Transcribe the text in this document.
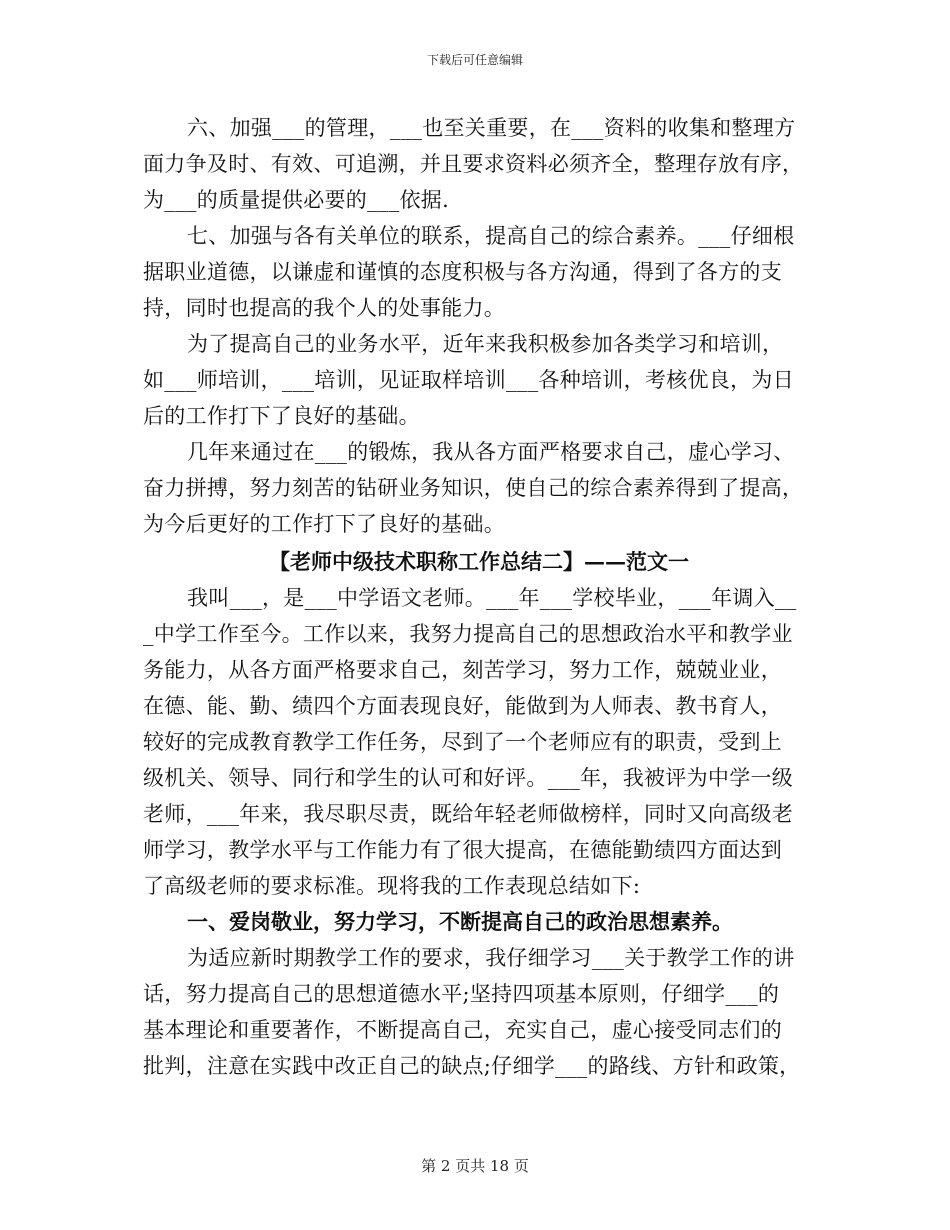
下载后可任意编辑

六、加强___的管理，___也至关重要，在___资料的收集和整理方

面力争及时、有效、可追溯，并且要求资料必须齐全，整理存放有序，

为___的质量提供必要的___依据.

七、加强与各有关单位的联系，提高自己的综合素养。___仔细根

据职业道德，以谦虚和谨慎的态度积极与各方沟通，得到了各方的支

持，同时也提高的我个人的处事能力。

为了提高自己的业务水平，近年来我积极参加各类学习和培训，

如___师培训，___培训，见证取样培训___各种培训，考核优良，为日

后的工作打下了良好的基础。

几年来通过在___的锻炼，我从各方面严格要求自己，虚心学习、

奋力拼搏，努力刻苦的钻研业务知识，使自己的综合素养得到了提高，

为今后更好的工作打下了良好的基础。

【老师中级技术职称工作总结二】——范文一

我叫___，是___中学语文老师。___年___学校毕业，___年调入__

_中学工作至今。工作以来，我努力提高自己的思想政治水平和教学业

务能力，从各方面严格要求自己，刻苦学习，努力工作，兢兢业业，

在德、能、勤、绩四个方面表现良好，能做到为人师表、教书育人，

较好的完成教育教学工作任务，尽到了一个老师应有的职责，受到上

级机关、领导、同行和学生的认可和好评。___年，我被评为中学一级

老师，___年来，我尽职尽责，既给年轻老师做榜样，同时又向高级老

师学习，教学水平与工作能力有了很大提高，在德能勤绩四方面达到

了高级老师的要求标准。现将我的工作表现总结如下:

一、爱岗敬业，努力学习，不断提高自己的政治思想素养。

为适应新时期教学工作的要求，我仔细学习___关于教学工作的讲

话，努力提高自己的思想道德水平;坚持四项基本原则，仔细学___的

基本理论和重要著作，不断提高自己，充实自己，虚心接受同志们的

批判，注意在实践中改正自己的缺点;仔细学___的路线、方针和政策，

第 2 页共 18 页
